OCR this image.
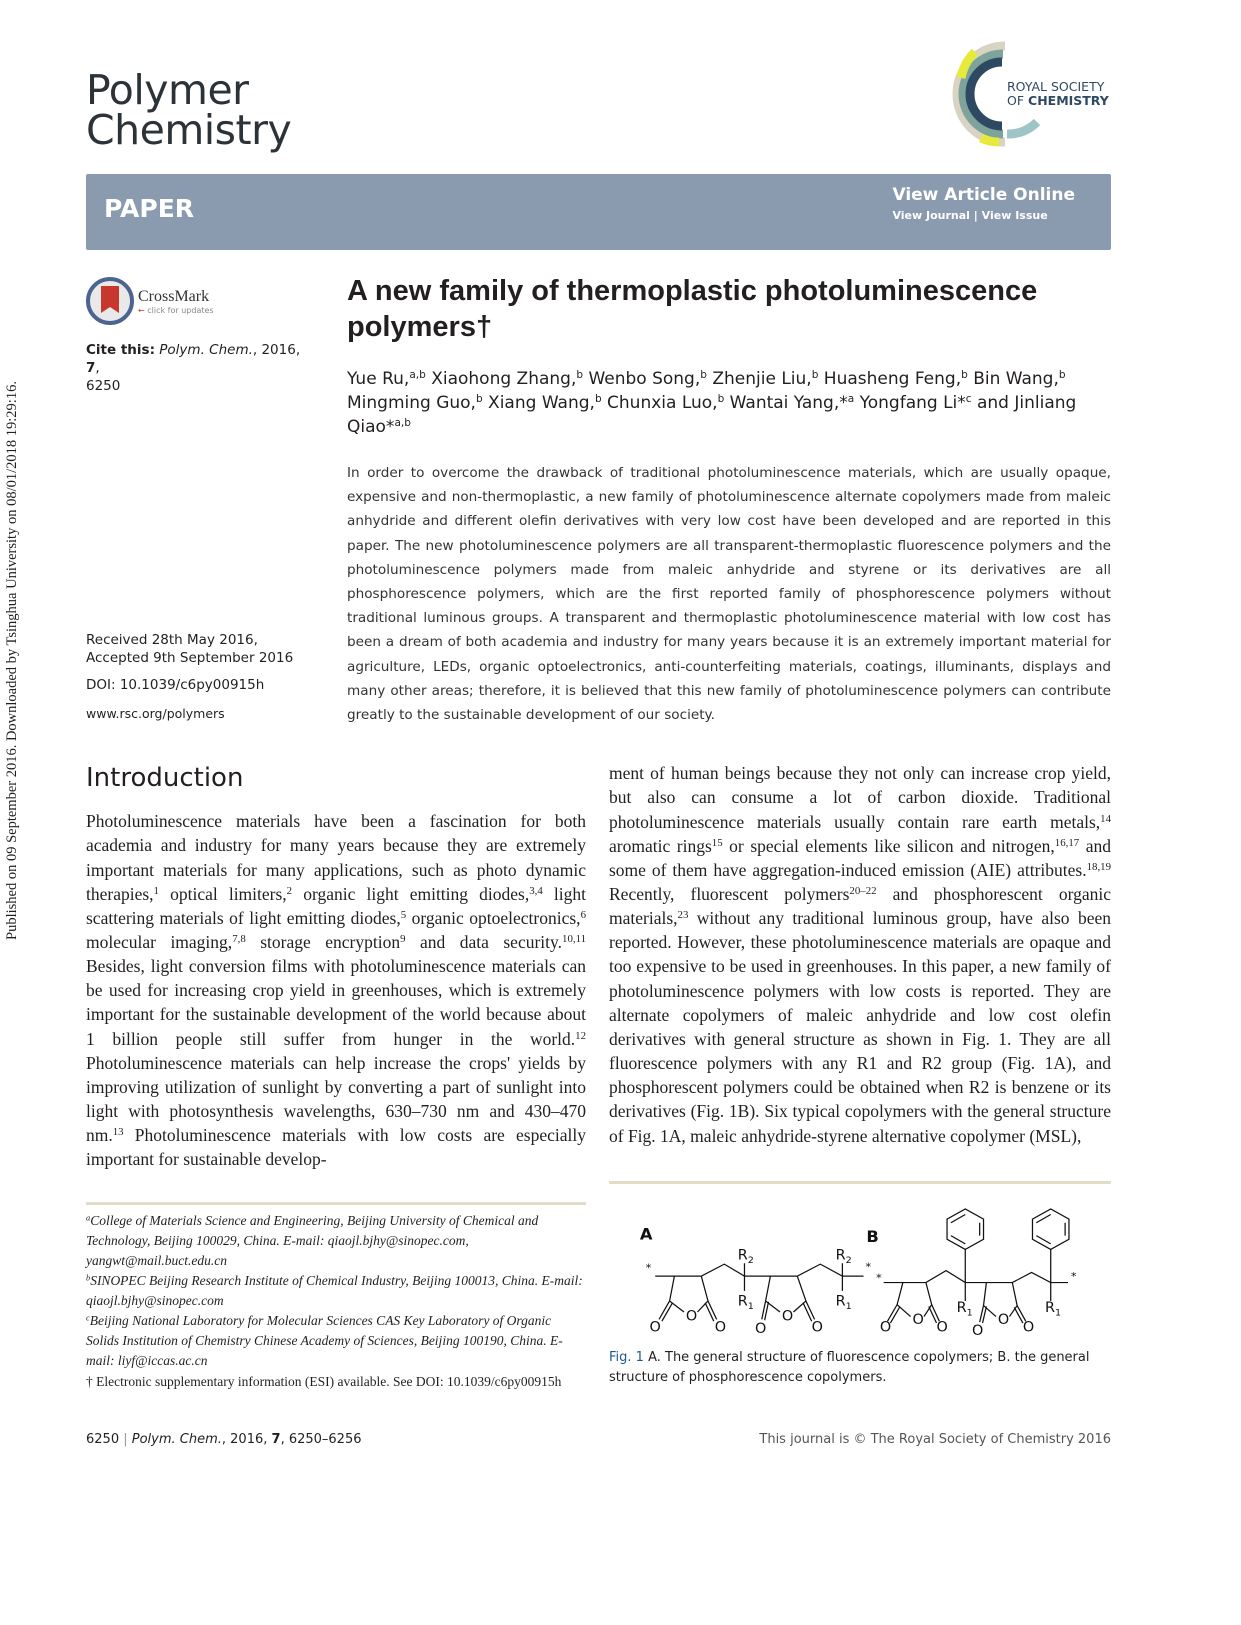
Published on 09 September 2016. Downloaded by Tsinghua University on 08/01/2018 19:29:16.
Polymer
Chemistry
ROYAL SOCIETY
OF CHEMISTRY
PAPER	View Article Online
View Journal | View Issue
CrossMark
← click for updates
Cite this: Polym. Chem., 2016, 7,
6250
Received 28th May 2016,
Accepted 9th September 2016
DOI: 10.1039/c6py00915h
www.rsc.org/polymers
A new family of thermoplastic photoluminescence polymers†
Yue Ru,$^{a,b}$ Xiaohong Zhang,$^b$ Wenbo Song,$^b$ Zhenjie Liu,$^b$ Huasheng Feng,$^b$ Bin Wang,$^b$ Mingming Guo,$^b$ Xiang Wang,$^b$ Chunxia Luo,$^b$ Wantai Yang,*$^a$ Yongfang Li*$^c$ and Jinliang Qiao*$^{a,b}$
In order to overcome the drawback of traditional photoluminescence materials, which are usually opaque, expensive and non-thermoplastic, a new family of photoluminescence alternate copolymers made from maleic anhydride and different olefin derivatives with very low cost have been developed and are reported in this paper. The new photoluminescence polymers are all transparent-thermoplastic fluorescence polymers and the photoluminescence polymers made from maleic anhydride and styrene or its derivatives are all phosphorescence polymers, which are the first reported family of phosphorescence polymers without traditional luminous groups. A transparent and thermoplastic photoluminescence material with low cost has been a dream of both academia and industry for many years because it is an extremely important material for agriculture, LEDs, organic optoelectronics, anti-counterfeiting materials, coatings, illuminants, displays and many other areas; therefore, it is believed that this new family of photoluminescence polymers can contribute greatly to the sustainable development of our society.
Introduction
Photoluminescence materials have been a fascination for both academia and industry for many years because they are extremely important materials for many applications, such as photo dynamic therapies,$^1$ optical limiters,$^2$ organic light emitting diodes,$^{3,4}$ light scattering materials of light emitting diodes,$^5$ organic optoelectronics,$^6$ molecular imaging,$^{7,8}$ storage encryption$^9$ and data security.$^{10,11}$ Besides, light conversion films with photoluminescence materials can be used for increasing crop yield in greenhouses, which is extremely important for the sustainable development of the world because about 1 billion people still suffer from hunger in the world.$^{12}$ Photoluminescence materials can help increase the crops' yields by improving utilization of sunlight by converting a part of sunlight into light with photosynthesis wavelengths, 630–730 nm and 430–470 nm.$^{13}$ Photoluminescence materials with low costs are especially important for sustainable develop-
$^a$College of Materials Science and Engineering, Beijing University of Chemical and Technology, Beijing 100029, China. E-mail: qiaojl.bjhy@sinopec.com, yangwt@mail.buct.edu.cn
$^b$SINOPEC Beijing Research Institute of Chemical Industry, Beijing 100013, China. E-mail: qiaojl.bjhy@sinopec.com
$^c$Beijing National Laboratory for Molecular Sciences CAS Key Laboratory of Organic Solids Institution of Chemistry Chinese Academy of Sciences, Beijing 100190, China. E-mail: liyf@iccas.ac.cn
† Electronic supplementary information (ESI) available. See DOI: 10.1039/c6py00915h
ment of human beings because they not only can increase crop yield, but also can consume a lot of carbon dioxide. Traditional photoluminescence materials usually contain rare earth metals,$^{14}$ aromatic rings$^{15}$ or special elements like silicon and nitrogen,$^{16,17}$ and some of them have aggregation-induced emission (AIE) attributes.$^{18,19}$ Recently, fluorescent polymers$^{20-22}$ and phosphorescent organic materials,$^{23}$ without any traditional luminous group, have also been reported. However, these photoluminescence materials are opaque and too expensive to be used in greenhouses. In this paper, a new family of photoluminescence polymers with low costs is reported. They are alternate copolymers of maleic anhydride and low cost olefin derivatives with general structure as shown in Fig. 1. They are all fluorescence polymers with any R1 and R2 group (Fig. 1A), and phosphorescent polymers could be obtained when R2 is benzene or its derivatives (Fig. 1B). Six typical copolymers with the general structure of Fig. 1A, maleic anhydride-styrene alternative copolymer (MSL),
A	B
*	*
*	*
$R_2$	$R_2$
$R_1$	$R_1$	$R_1$	$R_1$
O
O	O
O
O	O	O
O	O	O
O	O
Fig. 1 A. The general structure of fluorescence copolymers; B. the general structure of phosphorescence copolymers.
6250 | Polym. Chem., 2016, 7, 6250–6256	This journal is © The Royal Society of Chemistry 2016
